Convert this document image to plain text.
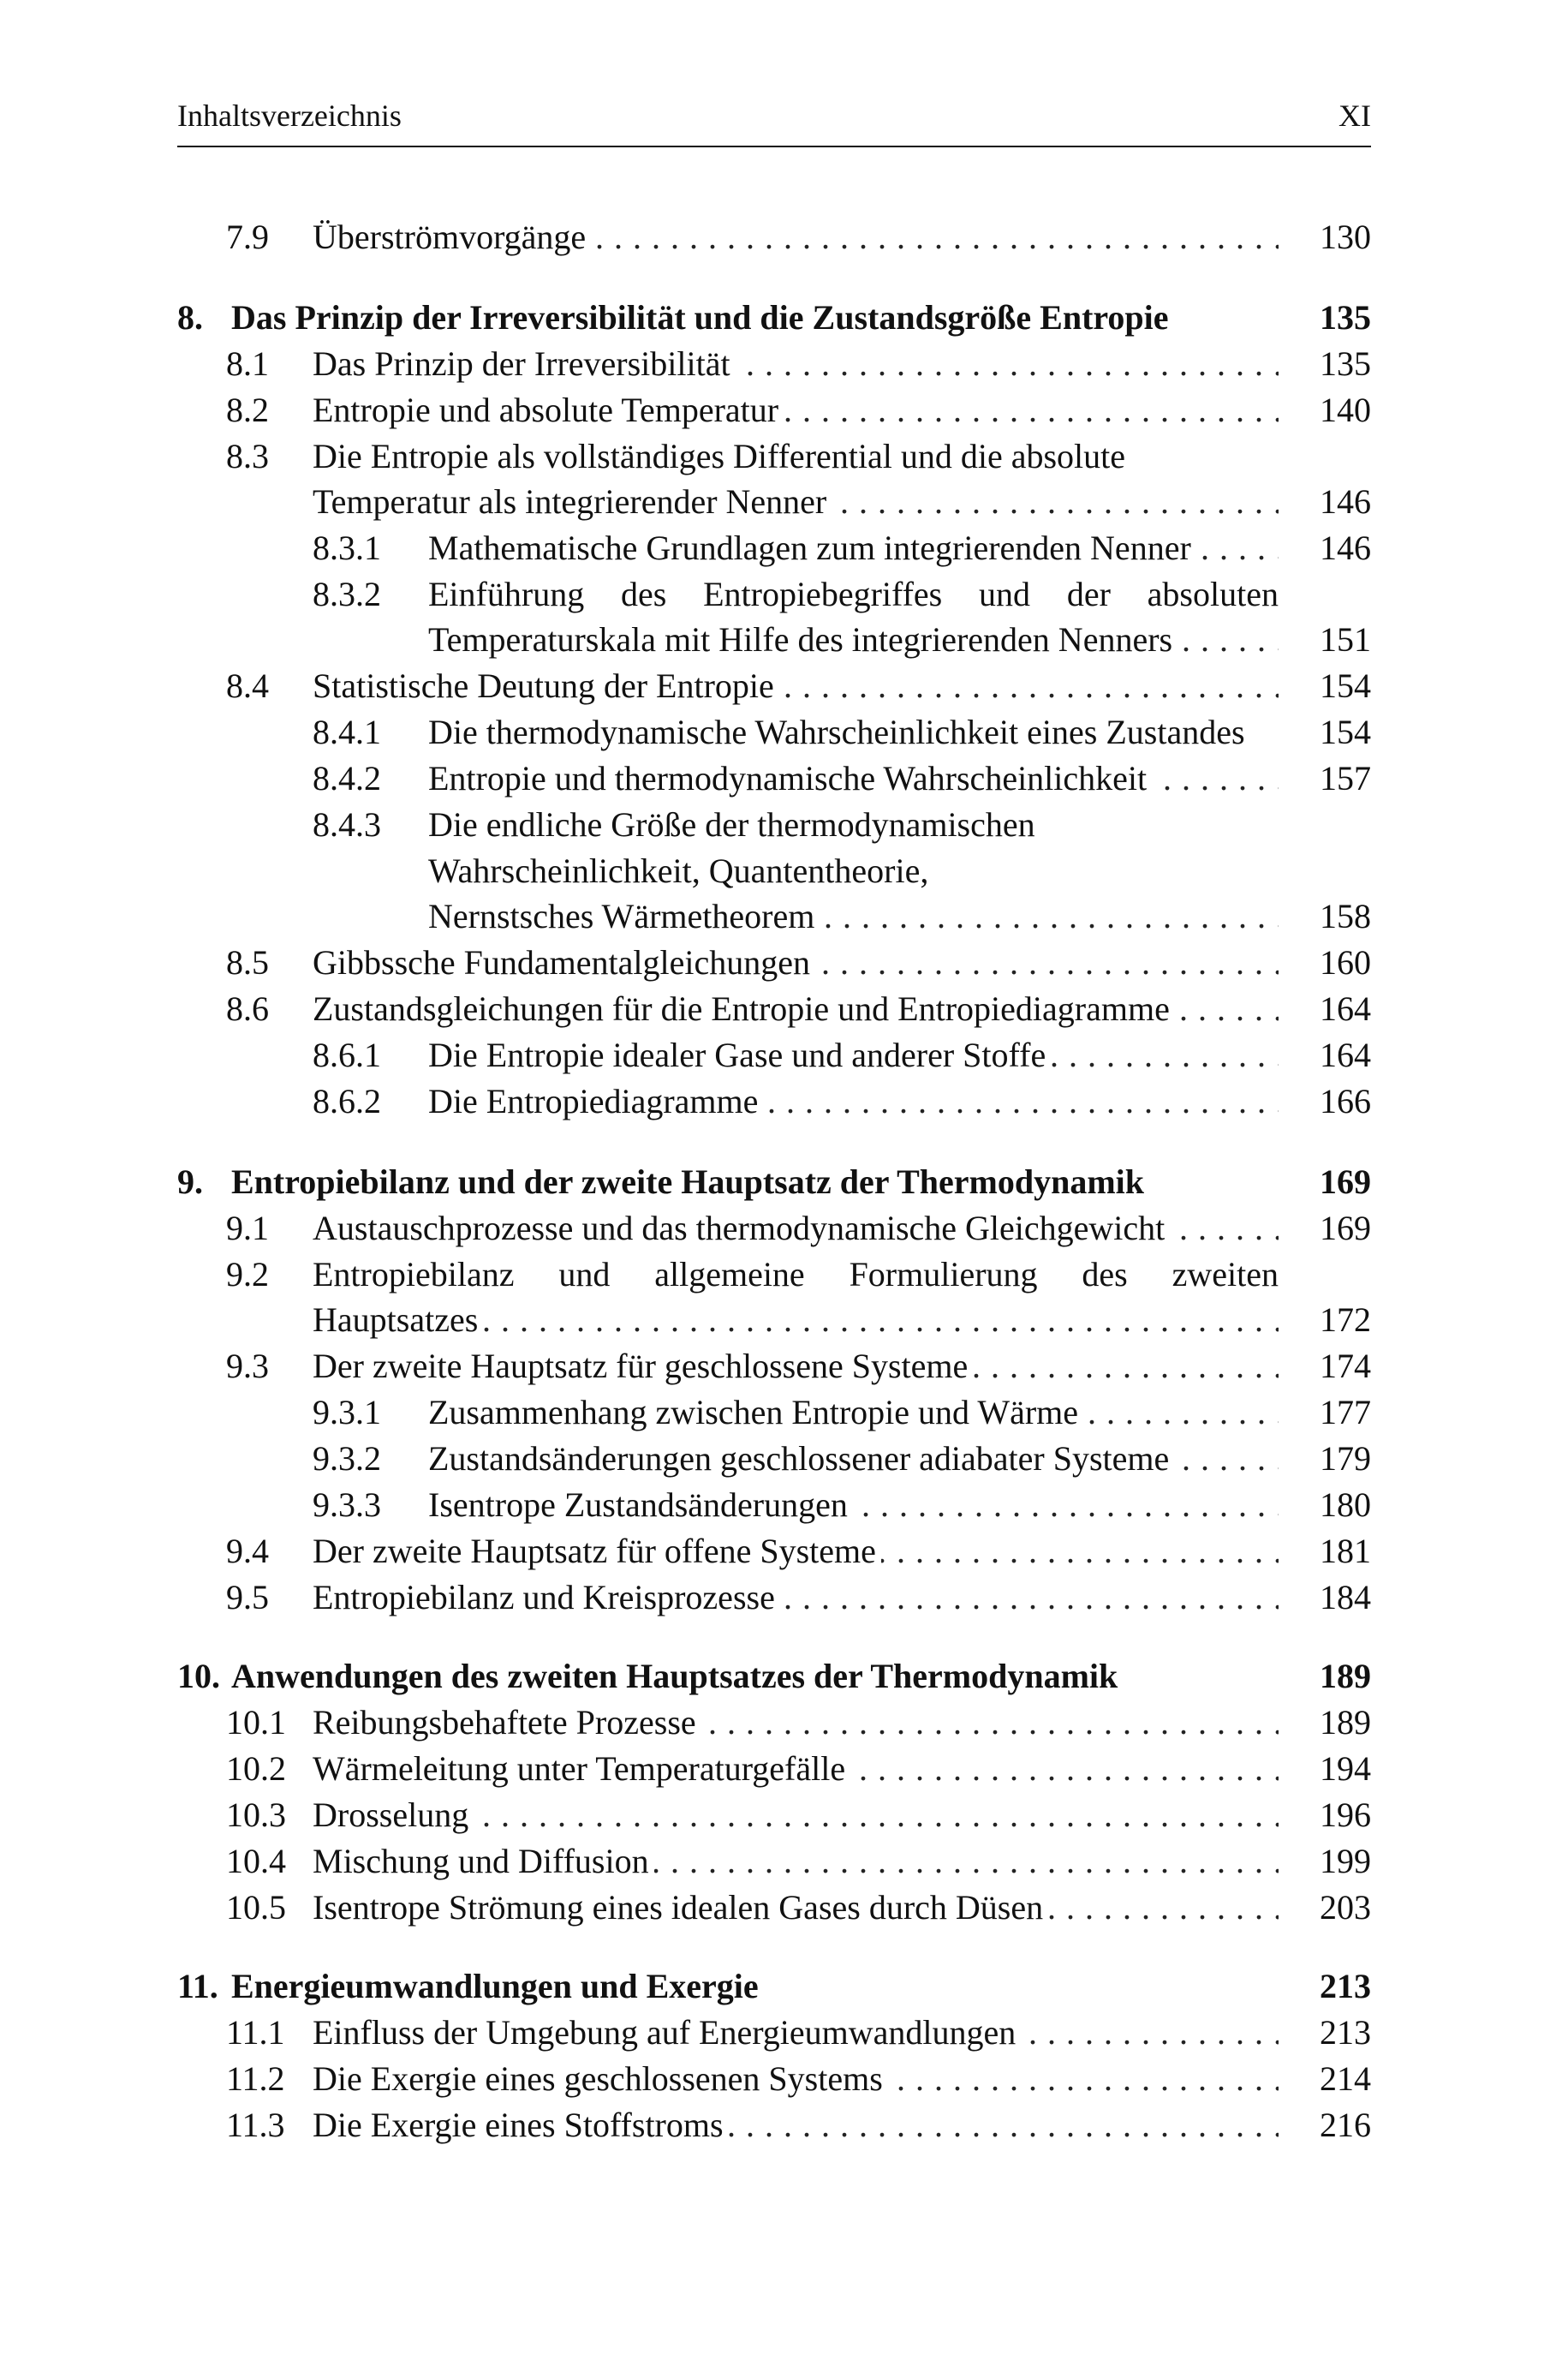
Inhaltsverzeichnis	XI
7.9 Überströmvorgänge . . .	130
8. Das Prinzip der Irreversibilität und die Zustandsgröße Entropie	135
8.1 Das Prinzip der Irreversibilität . . .	135
8.2 Entropie und absolute Temperatur . . .	140
8.3 Die Entropie als vollständiges Differential und die absolute
Temperatur als integrierender Nenner . . .	146
8.3.1 Mathematische Grundlagen zum integrierenden Nenner . . .	146
8.3.2 Einführung des Entropiebegriffes und der absoluten
Temperaturskala mit Hilfe des integrierenden Nenners . . .	151
8.4 Statistische Deutung der Entropie . . .	154
8.4.1 Die thermodynamische Wahrscheinlichkeit eines Zustandes	154
8.4.2 Entropie und thermodynamische Wahrscheinlichkeit . . .	157
8.4.3 Die endliche Größe der thermodynamischen
Wahrscheinlichkeit, Quantentheorie,
Nernstsches Wärmetheorem . . .	158
8.5 Gibbssche Fundamentalgleichungen . . .	160
8.6 Zustandsgleichungen für die Entropie und Entropiediagramme . . .	164
8.6.1 Die Entropie idealer Gase und anderer Stoffe . . .	164
8.6.2 Die Entropiediagramme . . .	166
9. Entropiebilanz und der zweite Hauptsatz der Thermodynamik	169
9.1 Austauschprozesse und das thermodynamische Gleichgewicht . . .	169
9.2 Entropiebilanz und allgemeine Formulierung des zweiten
Hauptsatzes . . .	172
9.3 Der zweite Hauptsatz für geschlossene Systeme . . .	174
9.3.1 Zusammenhang zwischen Entropie und Wärme . . .	177
9.3.2 Zustandsänderungen geschlossener adiabater Systeme . . .	179
9.3.3 Isentrope Zustandsänderungen . . .	180
9.4 Der zweite Hauptsatz für offene Systeme . . .	181
9.5 Entropiebilanz und Kreisprozesse . . .	184
10. Anwendungen des zweiten Hauptsatzes der Thermodynamik	189
10.1 Reibungsbehaftete Prozesse . . .	189
10.2 Wärmeleitung unter Temperaturgefälle . . .	194
10.3 Drosselung . . .	196
10.4 Mischung und Diffusion . . .	199
10.5 Isentrope Strömung eines idealen Gases durch Düsen . . .	203
11. Energieumwandlungen und Exergie	213
11.1 Einfluss der Umgebung auf Energieumwandlungen . . .	213
11.2 Die Exergie eines geschlossenen Systems . . .	214
11.3 Die Exergie eines Stoffstroms . . .	216
